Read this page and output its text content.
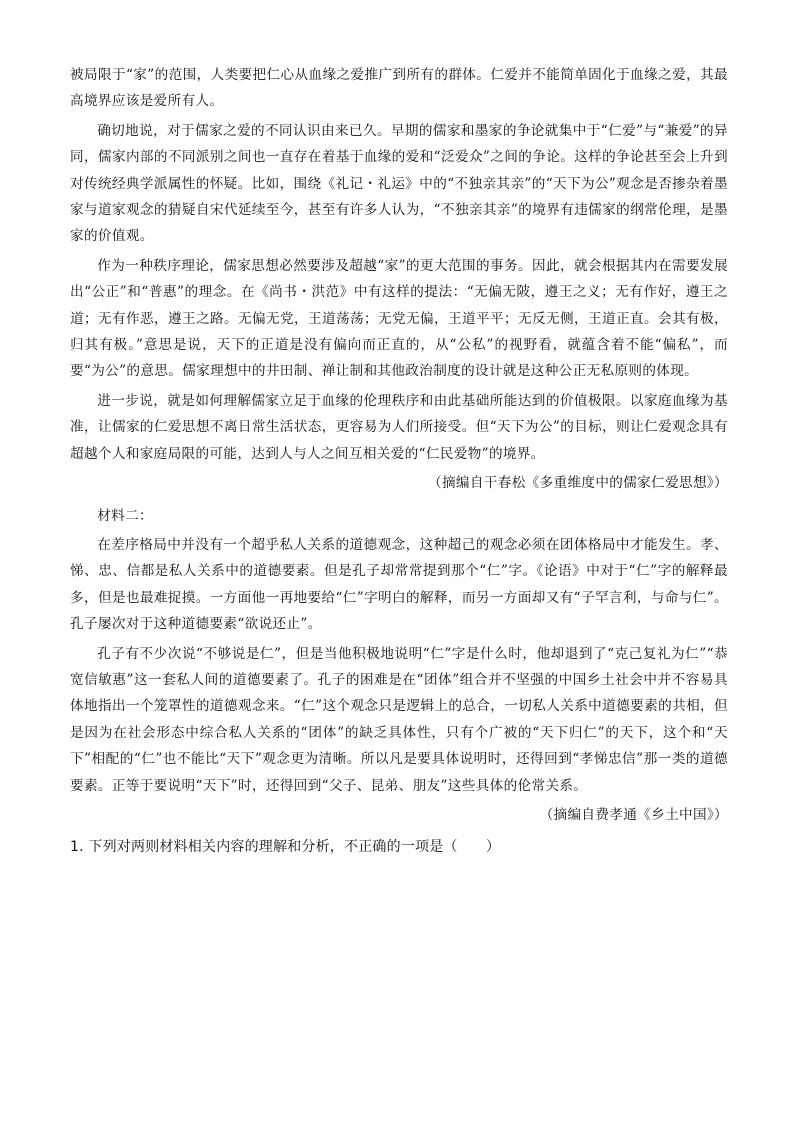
被局限于“家”的范围，人类要把仁心从血缘之爱推广到所有的群体。仁爱并不能简单固化于血缘之爱，其最高境界应该是爱所有人。

确切地说，对于儒家之爱的不同认识由来已久。早期的儒家和墨家的争论就集中于“仁爱”与“兼爱”的异同，儒家内部的不同派别之间也一直存在着基于血缘的爱和“泛爱众”之间的争论。这样的争论甚至会上升到对传统经典学派属性的怀疑。比如，围绕《礼记・礼运》中的“不独亲其亲”的“天下为公”观念是否掺杂着墨家与道家观念的猜疑自宋代延续至今，甚至有许多人认为，“不独亲其亲”的境界有违儒家的纲常伦理，是墨家的价值观。

作为一种秩序理论，儒家思想必然要涉及超越“家”的更大范围的事务。因此，就会根据其内在需要发展出“公正”和“普惠”的理念。在《尚书・洪范》中有这样的提法：“无偏无陂，遵王之义；无有作好，遵王之道；无有作恶，遵王之路。无偏无党，王道荡荡；无党无偏，王道平平；无反无侧，王道正直。会其有极，归其有极。”意思是说，天下的正道是没有偏向而正直的，从“公私”的视野看，就蕴含着不能“偏私”，而要“为公”的意思。儒家理想中的井田制、禅让制和其他政治制度的设计就是这种公正无私原则的体现。

进一步说，就是如何理解儒家立足于血缘的伦理秩序和由此基础所能达到的价值极限。以家庭血缘为基准，让儒家的仁爱思想不离日常生活状态，更容易为人们所接受。但“天下为公”的目标，则让仁爱观念具有超越个人和家庭局限的可能，达到人与人之间互相关爱的“仁民爱物”的境界。

（摘编自干春松《多重维度中的儒家仁爱思想》）
材料二：

在差序格局中并没有一个超乎私人关系的道德观念，这种超己的观念必须在团体格局中才能发生。孝、悌、忠、信都是私人关系中的道德要素。但是孔子却常常提到那个“仁”字。《论语》中对于“仁”字的解释最多，但是也最难捉摸。一方面他一再地要给“仁”字明白的解释，而另一方面却又有“子罕言利，与命与仁”。孔子屡次对于这种道德要素“欲说还止”。

孔子有不少次说“不够说是仁”，但是当他积极地说明“仁”字是什么时，他却退到了“克己复礼为仁”“恭宽信敏惠”这一套私人间的道德要素了。孔子的困难是在“团体”组合并不坚强的中国乡土社会中并不容易具体地指出一个笼罩性的道德观念来。“仁”这个观念只是逻辑上的总合，一切私人关系中道德要素的共相，但是因为在社会形态中综合私人关系的“团体”的缺乏具体性，只有个广被的“天下归仁”的天下，这个和“天下”相配的“仁”也不能比“天下”观念更为清晰。所以凡是要具体说明时，还得回到“孝悌忠信”那一类的道德要素。正等于要说明“天下”时，还得回到“父子、昆弟、朋友”这些具体的伦常关系。

（摘编自费孝通《乡土中国》）
1. 下列对两则材料相关内容的理解和分析，不正确的一项是（　　）
